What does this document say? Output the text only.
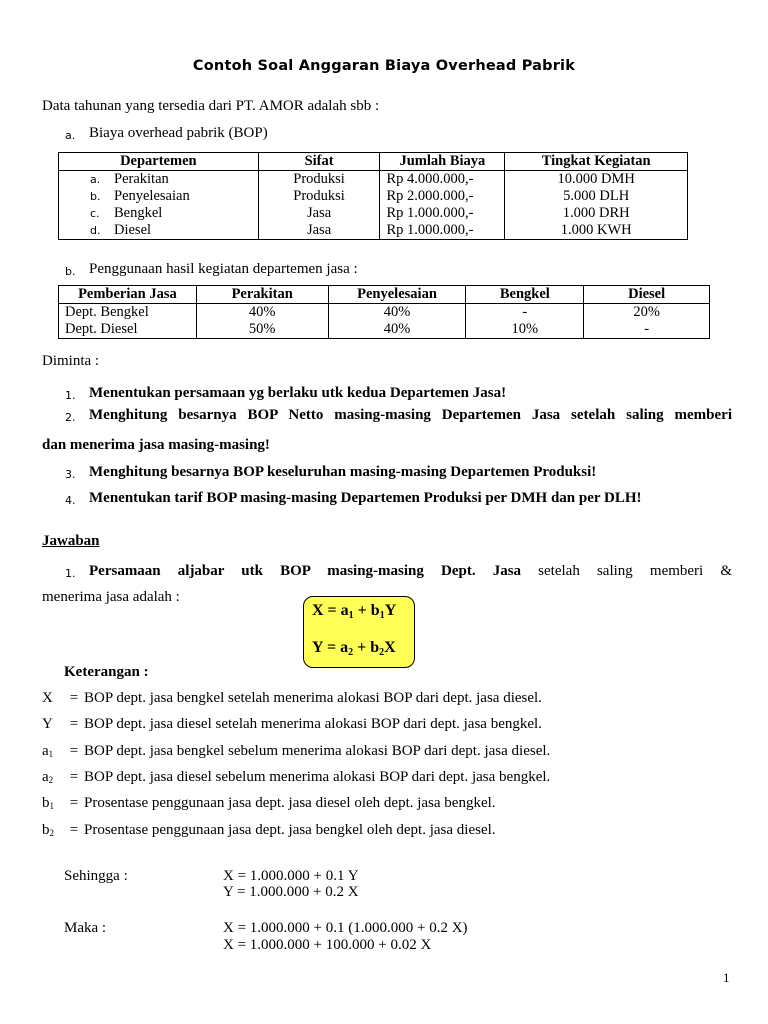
Contoh Soal Anggaran Biaya Overhead Pabrik
Data tahunan yang tersedia dari PT. AMOR adalah sbb :
a. Biaya overhead pabrik (BOP)
Departemen	Sifat	Jumlah Biaya	Tingkat Kegiatan
a. Perakitan	Produksi	Rp 4.000.000,-	10.000 DMH
b. Penyelesaian	Produksi	Rp 2.000.000,-	5.000 DLH
c. Bengkel	Jasa	Rp 1.000.000,-	1.000 DRH
d. Diesel	Jasa	Rp 1.000.000,-	1.000 KWH
b. Penggunaan hasil kegiatan departemen jasa :
Pemberian Jasa	Perakitan	Penyelesaian	Bengkel	Diesel
Dept. Bengkel	40%	40%	-	20%
Dept. Diesel	50%	40%	10%	-
Diminta :
1. Menentukan persamaan yg berlaku utk kedua Departemen Jasa!
2. Menghitung besarnya BOP Netto masing-masing Departemen Jasa setelah saling memberi
dan menerima jasa masing-masing!
3. Menghitung besarnya BOP keseluruhan masing-masing Departemen Produksi!
4. Menentukan tarif BOP masing-masing Departemen Produksi per DMH dan per DLH!
Jawaban
1. Persamaan aljabar utk BOP masing-masing Dept. Jasa setelah saling memberi &
menerima jasa adalah :
$X = a_1 + b_1Y$
$Y = a_2 + b_2X$
Keterangan :
X = BOP dept. jasa bengkel setelah menerima alokasi BOP dari dept. jasa diesel.
Y = BOP dept. jasa diesel setelah menerima alokasi BOP dari dept. jasa bengkel.
$a_1$ = BOP dept. jasa bengkel sebelum menerima alokasi BOP dari dept. jasa diesel.
$a_2$ = BOP dept. jasa diesel sebelum menerima alokasi BOP dari dept. jasa bengkel.
$b_1$ = Prosentase penggunaan jasa dept. jasa diesel oleh dept. jasa bengkel.
$b_2$ = Prosentase penggunaan jasa dept. jasa bengkel oleh dept. jasa diesel.
Sehingga :	X = 1.000.000 + 0.1 Y
Y = 1.000.000 + 0.2 X
Maka :	X = 1.000.000 + 0.1 (1.000.000 + 0.2 X)
X = 1.000.000 + 100.000 + 0.02 X
1
